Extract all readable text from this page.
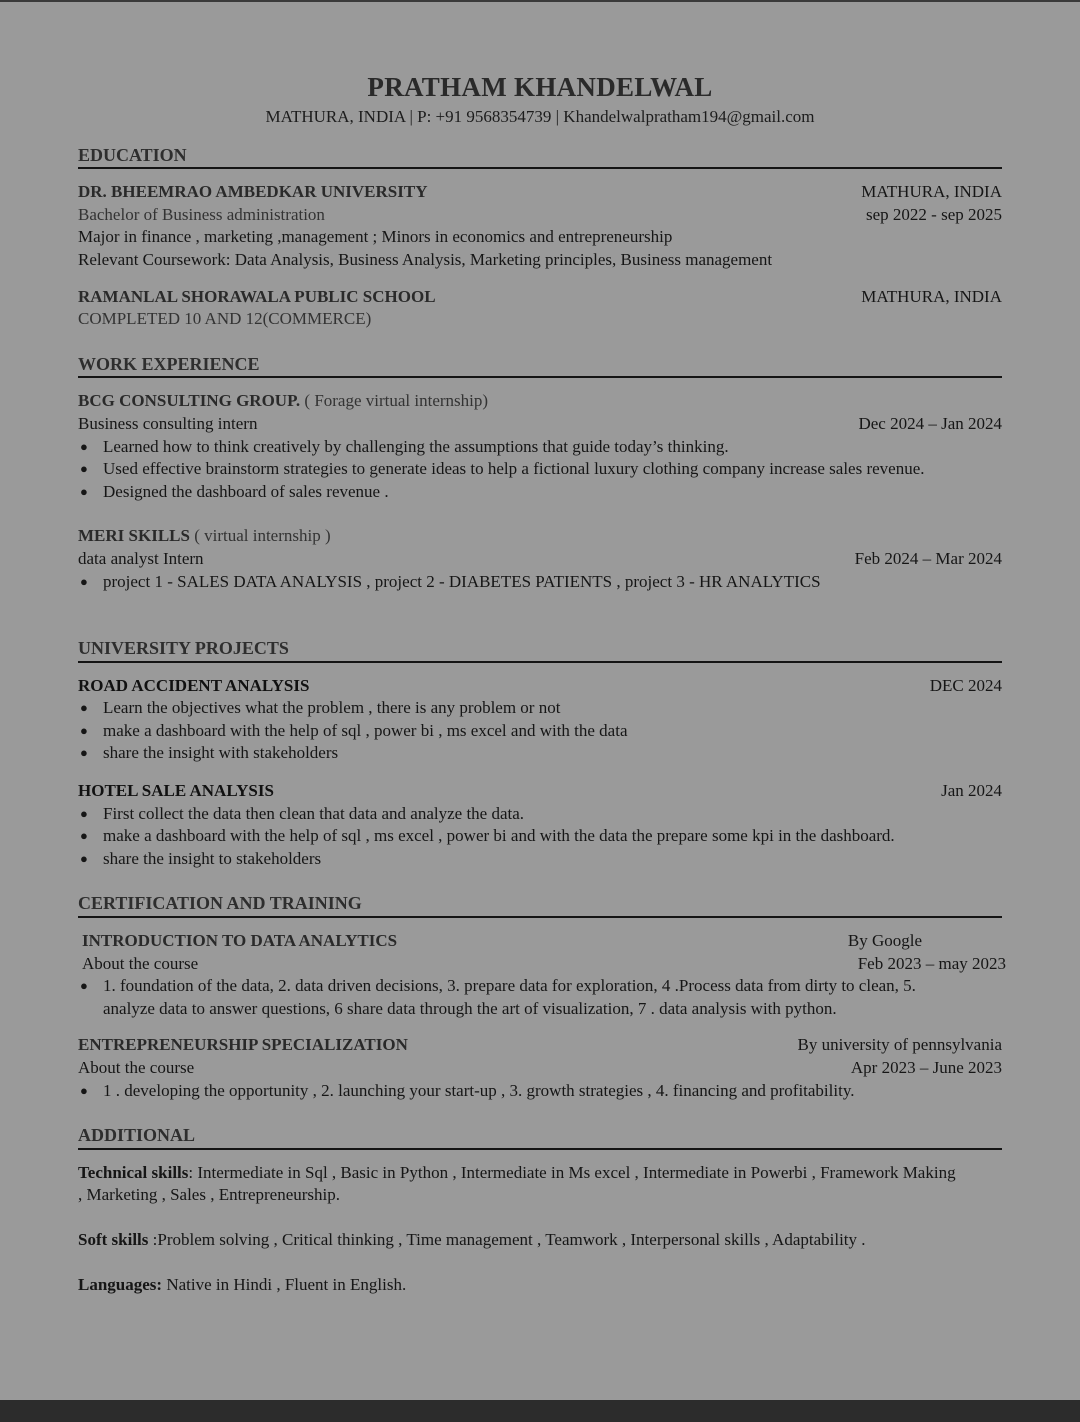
PRATHAM KHANDELWAL
MATHURA, INDIA | P: +91 9568354739 | Khandelwalpratham194@gmail.com
EDUCATION
DR. BHEEMRAO AMBEDKAR UNIVERSITY	MATHURA, INDIA
Bachelor of Business administration	sep 2022 - sep 2025
Major in finance , marketing ,management ; Minors in economics and entrepreneurship
Relevant Coursework: Data Analysis, Business Analysis, Marketing principles, Business management
RAMANLAL SHORAWALA PUBLIC SCHOOL	MATHURA, INDIA
COMPLETED 10 AND 12(COMMERCE)
WORK EXPERIENCE
BCG CONSULTING GROUP. ( Forage virtual internship)
Business consulting intern	Dec 2024 – Jan 2024
● Learned how to think creatively by challenging the assumptions that guide today’s thinking.
● Used effective brainstorm strategies to generate ideas to help a fictional luxury clothing company increase sales revenue.
● Designed the dashboard of sales revenue .
MERI SKILLS ( virtual internship )
data analyst Intern	Feb 2024 – Mar 2024
● project 1 - SALES DATA ANALYSIS , project 2 - DIABETES PATIENTS , project 3 - HR ANALYTICS
UNIVERSITY PROJECTS
ROAD ACCIDENT ANALYSIS	DEC 2024
● Learn the objectives what the problem , there is any problem or not
● make a dashboard with the help of sql , power bi , ms excel and with the data
● share the insight with stakeholders
HOTEL SALE ANALYSIS	Jan 2024
● First collect the data then clean that data and analyze the data.
● make a dashboard with the help of sql , ms excel , power bi and with the data the prepare some kpi in the dashboard.
● share the insight to stakeholders
CERTIFICATION AND TRAINING
INTRODUCTION TO DATA ANALYTICS	By Google
About the course	Feb 2023 – may 2023
● 1. foundation of the data, 2. data driven decisions, 3. prepare data for exploration, 4 .Process data from dirty to clean, 5. analyze data to answer questions, 6 share data through the art of visualization, 7 . data analysis with python.
ENTREPRENEURSHIP SPECIALIZATION	By university of pennsylvania
About the course	Apr 2023 – June 2023
● 1 . developing the opportunity , 2. launching your start-up , 3. growth strategies , 4. financing and profitability.
ADDITIONAL
Technical skills: Intermediate in Sql , Basic in Python , Intermediate in Ms excel , Intermediate in Powerbi , Framework Making , Marketing , Sales , Entrepreneurship.
Soft skills :Problem solving , Critical thinking , Time management , Teamwork , Interpersonal skills , Adaptability .
Languages: Native in Hindi , Fluent in English.
